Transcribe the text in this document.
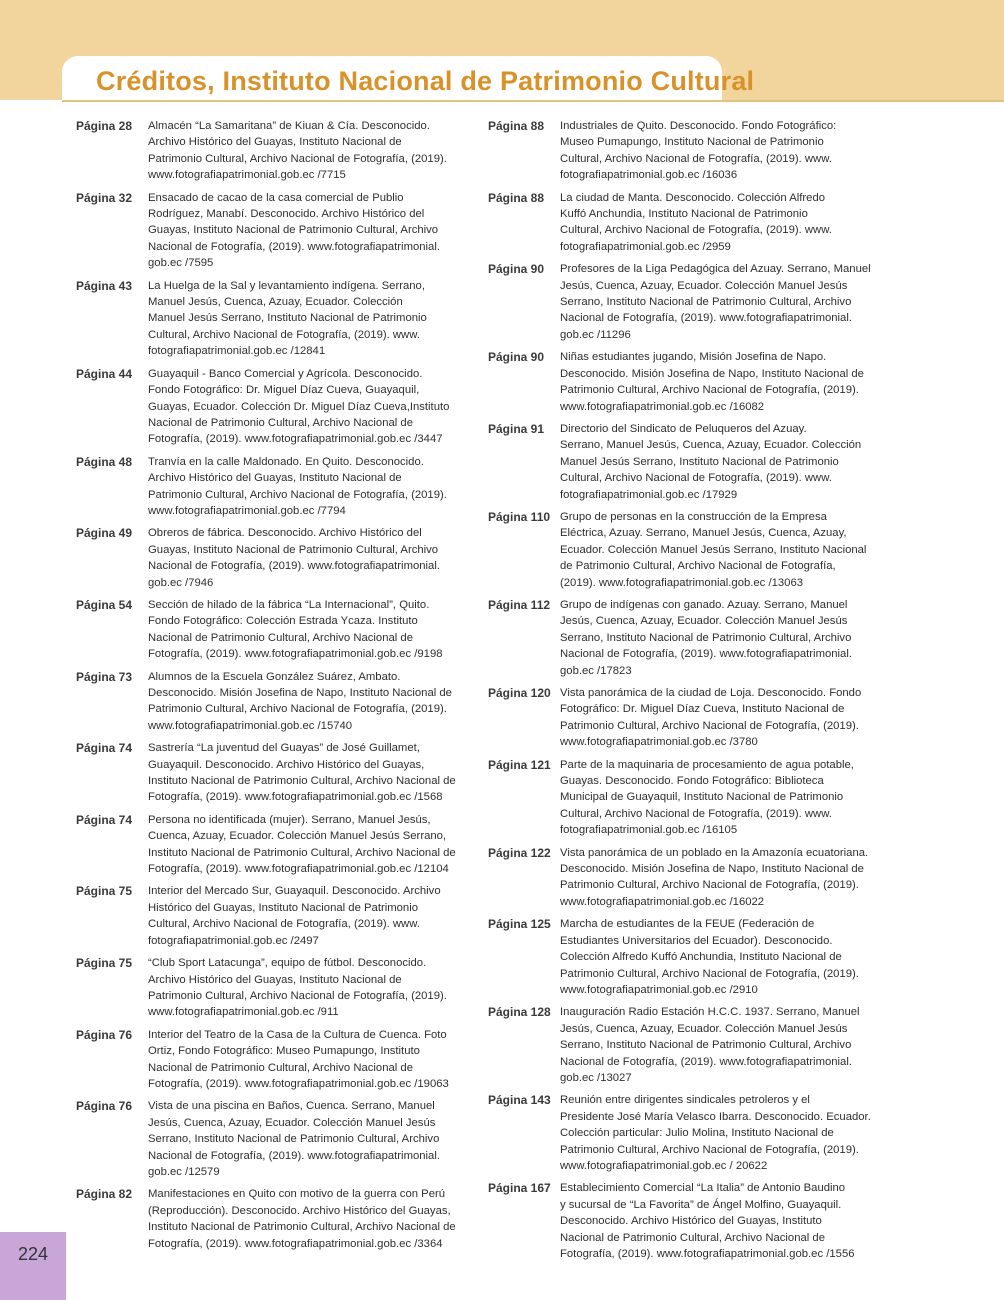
Créditos, Instituto Nacional de Patrimonio Cultural
Página 28	Almacén “La Samaritana” de Kiuan & Cía. Desconocido.
Archivo Histórico del Guayas, Instituto Nacional de
Patrimonio Cultural, Archivo Nacional de Fotografía, (2019).
www.fotografiapatrimonial.gob.ec /7715
Página 32	Ensacado de cacao de la casa comercial de Publio
Rodríguez, Manabí. Desconocido. Archivo Histórico del
Guayas, Instituto Nacional de Patrimonio Cultural, Archivo
Nacional de Fotografía, (2019). www.fotografiapatrimonial.
gob.ec /7595
Página 43	La Huelga de la Sal y levantamiento indígena. Serrano,
Manuel Jesús, Cuenca, Azuay, Ecuador. Colección
Manuel Jesús Serrano, Instituto Nacional de Patrimonio
Cultural, Archivo Nacional de Fotografía, (2019). www.
fotografiapatrimonial.gob.ec /12841
Página 44	Guayaquil - Banco Comercial y Agrícola. Desconocido.
Fondo Fotográfico: Dr. Miguel Díaz Cueva, Guayaquil,
Guayas, Ecuador. Colección Dr. Miguel Díaz Cueva,Instituto
Nacional de Patrimonio Cultural, Archivo Nacional de
Fotografía, (2019). www.fotografiapatrimonial.gob.ec /3447
Página 48	Tranvía en la calle Maldonado. En Quito. Desconocido.
Archivo Histórico del Guayas, Instituto Nacional de
Patrimonio Cultural, Archivo Nacional de Fotografía, (2019).
www.fotografiapatrimonial.gob.ec /7794
Página 49	Obreros de fábrica. Desconocido. Archivo Histórico del
Guayas, Instituto Nacional de Patrimonio Cultural, Archivo
Nacional de Fotografía, (2019). www.fotografiapatrimonial.
gob.ec /7946
Página 54	Sección de hilado de la fábrica “La Internacional”, Quito.
Fondo Fotográfico: Colección Estrada Ycaza. Instituto
Nacional de Patrimonio Cultural, Archivo Nacional de
Fotografía, (2019). www.fotografiapatrimonial.gob.ec /9198
Página 73	Alumnos de la Escuela González Suárez, Ambato.
Desconocido. Misión Josefina de Napo, Instituto Nacional de
Patrimonio Cultural, Archivo Nacional de Fotografía, (2019).
www.fotografiapatrimonial.gob.ec /15740
Página 74	Sastrería “La juventud del Guayas” de José Guillamet,
Guayaquil. Desconocido. Archivo Histórico del Guayas,
Instituto Nacional de Patrimonio Cultural, Archivo Nacional de
Fotografía, (2019). www.fotografiapatrimonial.gob.ec /1568
Página 74	Persona no identificada (mujer). Serrano, Manuel Jesús,
Cuenca, Azuay, Ecuador. Colección Manuel Jesús Serrano,
Instituto Nacional de Patrimonio Cultural, Archivo Nacional de
Fotografía, (2019). www.fotografiapatrimonial.gob.ec /12104
Página 75	Interior del Mercado Sur, Guayaquil. Desconocido. Archivo
Histórico del Guayas, Instituto Nacional de Patrimonio
Cultural, Archivo Nacional de Fotografía, (2019). www.
fotografiapatrimonial.gob.ec /2497
Página 75	“Club Sport Latacunga”, equipo de fútbol. Desconocido.
Archivo Histórico del Guayas, Instituto Nacional de
Patrimonio Cultural, Archivo Nacional de Fotografía, (2019).
www.fotografiapatrimonial.gob.ec /911
Página 76	Interior del Teatro de la Casa de la Cultura de Cuenca. Foto
Ortiz, Fondo Fotográfico: Museo Pumapungo, Instituto
Nacional de Patrimonio Cultural, Archivo Nacional de
Fotografía, (2019). www.fotografiapatrimonial.gob.ec /19063
Página 76	Vista de una piscina en Baños, Cuenca. Serrano, Manuel
Jesús, Cuenca, Azuay, Ecuador. Colección Manuel Jesús
Serrano, Instituto Nacional de Patrimonio Cultural, Archivo
Nacional de Fotografía, (2019). www.fotografiapatrimonial.
gob.ec /12579
Página 82	Manifestaciones en Quito con motivo de la guerra con Perú
(Reproducción). Desconocido. Archivo Histórico del Guayas,
Instituto Nacional de Patrimonio Cultural, Archivo Nacional de
Fotografía, (2019). www.fotografiapatrimonial.gob.ec /3364
Página 88	Industriales de Quito. Desconocido. Fondo Fotográfico:
Museo Pumapungo, Instituto Nacional de Patrimonio
Cultural, Archivo Nacional de Fotografía, (2019). www.
fotografiapatrimonial.gob.ec /16036
Página 88	La ciudad de Manta. Desconocido. Colección Alfredo
Kuffó Anchundia, Instituto Nacional de Patrimonio
Cultural, Archivo Nacional de Fotografía, (2019). www.
fotografiapatrimonial.gob.ec /2959
Página 90	Profesores de la Liga Pedagógica del Azuay. Serrano, Manuel
Jesús, Cuenca, Azuay, Ecuador. Colección Manuel Jesús
Serrano, Instituto Nacional de Patrimonio Cultural, Archivo
Nacional de Fotografía, (2019). www.fotografiapatrimonial.
gob.ec /11296
Página 90	Niñas estudiantes jugando, Misión Josefina de Napo.
Desconocido. Misión Josefina de Napo, Instituto Nacional de
Patrimonio Cultural, Archivo Nacional de Fotografía, (2019).
www.fotografiapatrimonial.gob.ec /16082
Página 91	Directorio del Sindicato de Peluqueros del Azuay.
Serrano, Manuel Jesús, Cuenca, Azuay, Ecuador. Colección
Manuel Jesús Serrano, Instituto Nacional de Patrimonio
Cultural, Archivo Nacional de Fotografía, (2019). www.
fotografiapatrimonial.gob.ec /17929
Página 110 Grupo de personas en la construcción de la Empresa
Eléctrica, Azuay. Serrano, Manuel Jesús, Cuenca, Azuay,
Ecuador. Colección Manuel Jesús Serrano, Instituto Nacional
de Patrimonio Cultural, Archivo Nacional de Fotografía,
(2019). www.fotografiapatrimonial.gob.ec /13063
Página 112 Grupo de indígenas con ganado. Azuay. Serrano, Manuel
Jesús, Cuenca, Azuay, Ecuador. Colección Manuel Jesús
Serrano, Instituto Nacional de Patrimonio Cultural, Archivo
Nacional de Fotografía, (2019). www.fotografiapatrimonial.
gob.ec /17823
Página 120 Vista panorámica de la ciudad de Loja. Desconocido. Fondo
Fotográfico: Dr. Miguel Díaz Cueva, Instituto Nacional de
Patrimonio Cultural, Archivo Nacional de Fotografía, (2019).
www.fotografiapatrimonial.gob.ec /3780
Página 121 Parte de la maquinaria de procesamiento de agua potable,
Guayas. Desconocido. Fondo Fotográfico: Biblioteca
Municipal de Guayaquil, Instituto Nacional de Patrimonio
Cultural, Archivo Nacional de Fotografía, (2019). www.
fotografiapatrimonial.gob.ec /16105
Página 122 Vista panorámica de un poblado en la Amazonía ecuatoriana.
Desconocido. Misión Josefina de Napo, Instituto Nacional de
Patrimonio Cultural, Archivo Nacional de Fotografía, (2019).
www.fotografiapatrimonial.gob.ec /16022
Página 125 Marcha de estudiantes de la FEUE (Federación de
Estudiantes Universitarios del Ecuador). Desconocido.
Colección Alfredo Kuffó Anchundia, Instituto Nacional de
Patrimonio Cultural, Archivo Nacional de Fotografía, (2019).
www.fotografiapatrimonial.gob.ec /2910
Página 128 Inauguración Radio Estación H.C.C. 1937. Serrano, Manuel
Jesús, Cuenca, Azuay, Ecuador. Colección Manuel Jesús
Serrano, Instituto Nacional de Patrimonio Cultural, Archivo
Nacional de Fotografía, (2019). www.fotografiapatrimonial.
gob.ec /13027
Página 143 Reunión entre dirigentes sindicales petroleros y el
Presidente José María Velasco Ibarra. Desconocido. Ecuador.
Colección particular: Julio Molina, Instituto Nacional de
Patrimonio Cultural, Archivo Nacional de Fotografía, (2019).
www.fotografiapatrimonial.gob.ec / 20622
Página 167 Establecimiento Comercial “La Italia” de Antonio Baudino
y sucursal de “La Favorita” de Ángel Molfino, Guayaquil.
Desconocido. Archivo Histórico del Guayas, Instituto
Nacional de Patrimonio Cultural, Archivo Nacional de
Fotografía, (2019). www.fotografiapatrimonial.gob.ec /1556
224
